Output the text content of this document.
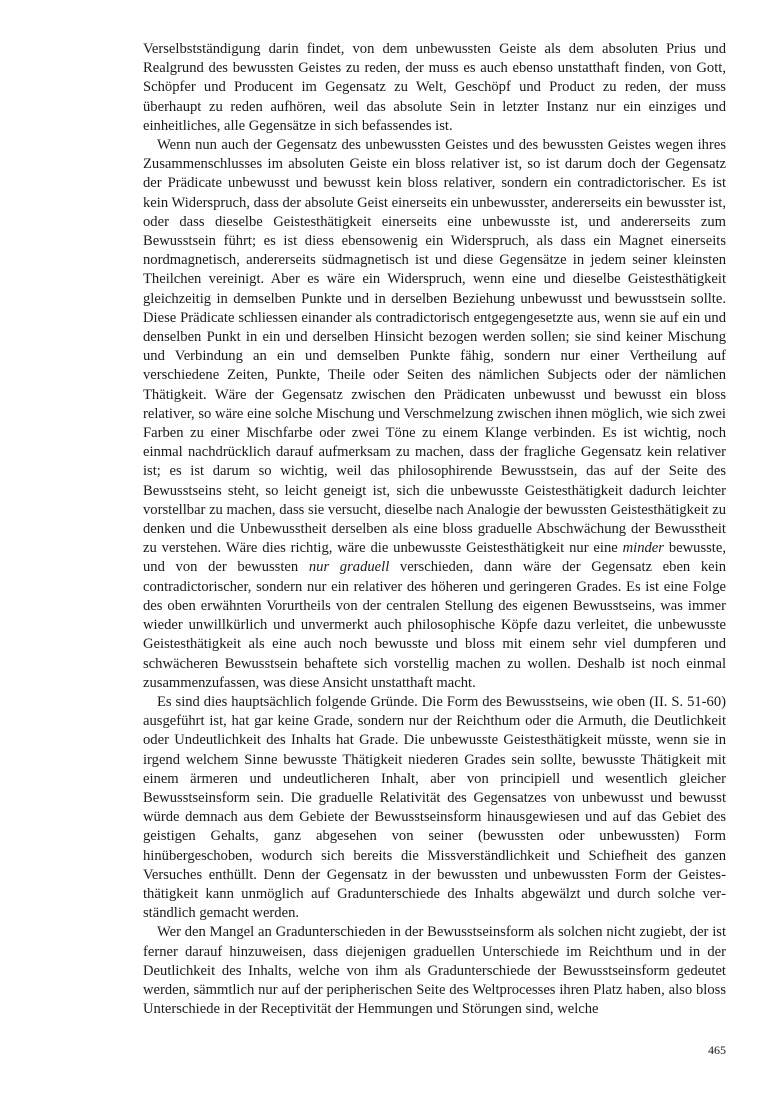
Verselbstständigung darin findet, von dem unbewussten Geiste als dem absoluten Prius und Realgrund des bewussten Geistes zu reden, der muss es auch ebenso unstatthaft finden, von Gott, Schöpfer und Producent im Gegensatz zu Welt, Geschöpf und Product zu reden, der muss überhaupt zu reden aufhören, weil das absolute Sein in letzter Instanz nur ein einziges und einheitliches, alle Gegensätze in sich befassendes ist.

Wenn nun auch der Gegensatz des unbewussten Geistes und des bewussten Geistes wegen ihres Zusammenschlusses im absoluten Geiste ein bloss relativer ist, so ist darum doch der Gegensatz der Prädicate unbewusst und bewusst kein bloss relativer, sondern ein contradictorischer. Es ist kein Widerspruch, dass der absolute Geist einerseits ein unbewusster, andererseits ein bewusster ist, oder dass dieselbe Geistesthätigkeit einerseits eine unbewusste ist, und andererseits zum Bewusstsein führt; es ist diess ebensowenig ein Widerspruch, als dass ein Magnet einerseits nordmagnetisch, andererseits südmagnetisch ist und diese Gegensätze in jedem seiner kleinsten Theilchen vereinigt. Aber es wäre ein Widerspruch, wenn eine und dieselbe Geistesthätigkeit gleichzeitig in demselben Punkte und in derselben Beziehung unbewusst und bewusstsein sollte. Diese Prädicate schliessen einander als contradictorisch entgegengesetzte aus, wenn sie auf ein und denselben Punkt in ein und derselben Hinsicht bezogen werden sollen; sie sind keiner Mischung und Verbindung an ein und demselben Punkte fähig, sondern nur einer Vertheilung auf verschiedene Zeiten, Punkte, Theile oder Seiten des nämlichen Subjects oder der nämlichen Thätigkeit. Wäre der Gegensatz zwischen den Prädicaten unbewusst und bewusst ein bloss relativer, so wäre eine solche Mischung und Verschmelzung zwischen ihnen möglich, wie sich zwei Farben zu einer Mischfarbe oder zwei Töne zu einem Klange verbinden. Es ist wichtig, noch einmal nachdrücklich darauf aufmerksam zu machen, dass der fragliche Gegensatz kein relativer ist; es ist darum so wichtig, weil das philosophirende Bewusstsein, das auf der Seite des Bewusstseins steht, so leicht geneigt ist, sich die unbewusste Geistesthätigkeit dadurch leichter vorstellbar zu machen, dass sie versucht, dieselbe nach Analogie der bewussten Geistesthätigkeit zu denken und die Unbewusstheit derselben als eine bloss graduelle Abschwächung der Bewusstheit zu verstehen. Wäre dies richtig, wäre die unbewusste Geistesthätigkeit nur eine minder bewusste, und von der bewussten nur graduell verschieden, dann wäre der Gegensatz eben kein contradictorischer, sondern nur ein relativer des höheren und geringeren Grades. Es ist eine Folge des oben erwähnten Vorurtheils von der centralen Stellung des eigenen Bewusstseins, was immer wieder unwillkürlich und unvermerkt auch philosophische Köpfe dazu verleitet, die unbewusste Geistesthätigkeit als eine auch noch bewusste und bloss mit einem sehr viel dumpferen und schwächeren Bewusstsein behaftete sich vorstellig machen zu wollen. Deshalb ist noch einmal zusammenzufassen, was diese Ansicht unstatthaft macht.

Es sind dies hauptsächlich folgende Gründe. Die Form des Bewusstseins, wie oben (II. S. 51-60) ausgeführt ist, hat gar keine Grade, sondern nur der Reichthum oder die Armuth, die Deutlichkeit oder Undeutlichkeit des Inhalts hat Grade. Die unbewusste Geistesthätigkeit müsste, wenn sie in irgend welchem Sinne bewusste Thätigkeit niederen Grades sein sollte, bewusste Thätigkeit mit einem ärmeren und undeutlicheren Inhalt, aber von principiell und wesentlich gleicher Bewusstseinsform sein. Die graduelle Relativität des Gegensatzes von unbewusst und bewusst würde demnach aus dem Gebiete der Bewusstseinsform hinausgewiesen und auf das Gebiet des geistigen Gehalts, ganz abgesehen von seiner (bewussten oder unbewussten) Form hinübergeschoben, wodurch sich bereits die Missverständlichkeit und Schiefheit des ganzen Versuches enthüllt. Denn der Gegensatz in der bewussten und unbewussten Form der Geistesthätigkeit kann unmöglich auf Gradunterschiede des Inhalts abgewälzt und durch solche verständlich gemacht werden.

Wer den Mangel an Gradunterschieden in der Bewusstseinsform als solchen nicht zugiebt, der ist ferner darauf hinzuweisen, dass diejenigen graduellen Unterschiede im Reichthum und in der Deutlichkeit des Inhalts, welche von ihm als Gradunterschiede der Bewusstseinsform gedeutet werden, sämmtlich nur auf der peripherischen Seite des Weltprocesses ihren Platz haben, also bloss Unterschiede in der Receptivität der Hemmungen und Störungen sind, welche

465
